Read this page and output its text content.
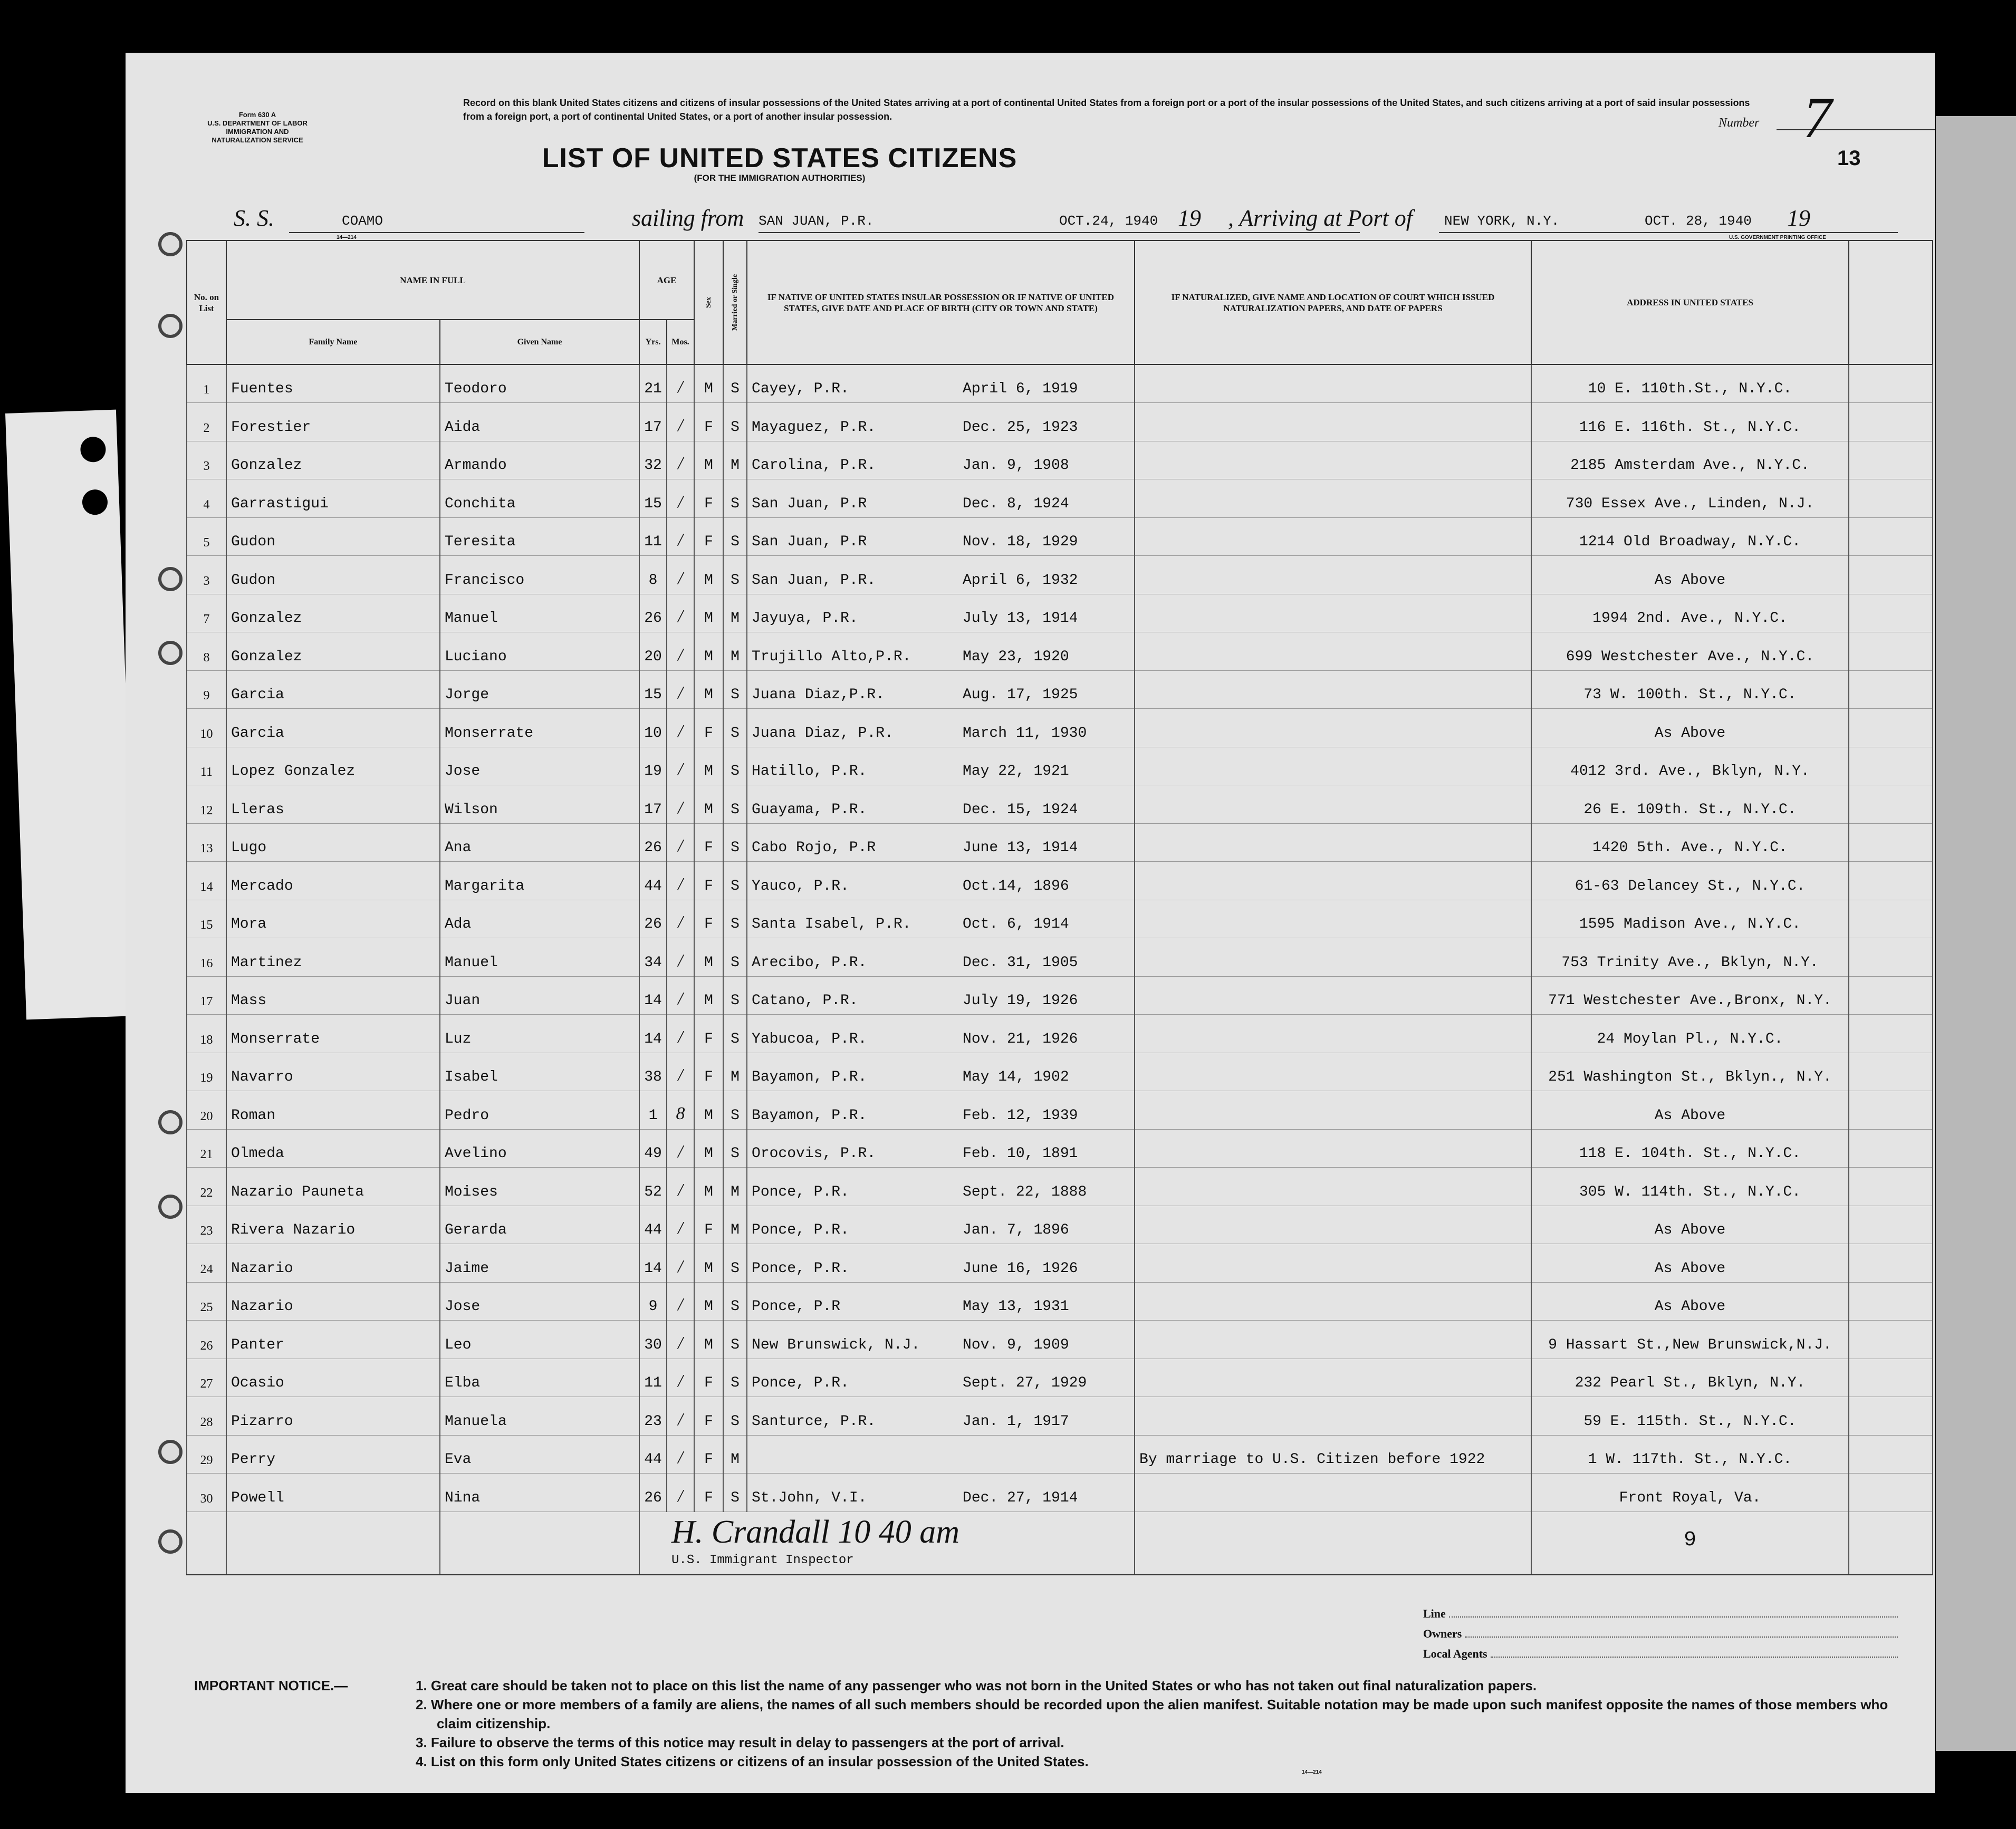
Form 630 A
U.S. DEPARTMENT OF LABOR
IMMIGRATION AND
NATURALIZATION SERVICE
Record on this blank United States citizens and citizens of insular possessions of the United States arriving at a port of continental United States from a foreign port or a port of the insular possessions of the United States, and such citizens arriving at a port of said insular possessions from a foreign port, a port of continental United States, or a port of another insular possession.	Number 7
13
LIST OF UNITED STATES CITIZENS
(FOR THE IMMIGRATION AUTHORITIES)
S. S.	COAMO	sailing from SAN JUAN, P.R.	OCT.24, 1940 19 , Arriving at Port of NEW YORK, N.Y.	OCT. 28, 1940 19
14—214	U.S. GOVERNMENT PRINTING OFFICE
No. on List	NAME IN FULL		AGE		Sex	Married or Single	IF NATIVE OF UNITED STATES INSULAR POSSESSION OR IF NATIVE OF UNITED STATES, GIVE DATE AND PLACE OF BIRTH (CITY OR TOWN AND STATE)	IF NATURALIZED, GIVE NAME AND LOCATION OF COURT WHICH ISSUED NATURALIZATION PAPERS, AND DATE OF PAPERS	ADDRESS IN UNITED STATES	
	Family Name	Given Name	Yrs.	Mos.						
1	Fuentes	Teodoro	21	/	M	S	Cayey, P.R. April 6, 1919		10 E. 110th.St., N.Y.C.	
2	Forestier	Aida	17	/	F	S	Mayaguez, P.R. Dec. 25, 1923		116 E. 116th. St., N.Y.C.	
3	Gonzalez	Armando	32	/	M	M	Carolina, P.R. Jan. 9, 1908		2185 Amsterdam Ave., N.Y.C.	
4	Garrastigui	Conchita	15	/	F	S	San Juan, P.R Dec. 8, 1924		730 Essex Ave., Linden, N.J.	
5	Gudon	Teresita	11	/	F	S	San Juan, P.R Nov. 18, 1929		1214 Old Broadway, N.Y.C.	
3	Gudon	Francisco	8	/	M	S	San Juan, P.R. April 6, 1932		As Above	
7	Gonzalez	Manuel	26	/	M	M	Jayuya, P.R. July 13, 1914		1994 2nd. Ave., N.Y.C.	
8	Gonzalez	Luciano	20	/	M	M	Trujillo Alto,P.R. May 23, 1920		699 Westchester Ave., N.Y.C.	
9	Garcia	Jorge	15	/	M	S	Juana Diaz,P.R. Aug. 17, 1925		73 W. 100th. St., N.Y.C.	
10	Garcia	Monserrate	10	/	F	S	Juana Diaz, P.R. March 11, 1930		As Above	
11	Lopez Gonzalez	Jose	19	/	M	S	Hatillo, P.R. May 22, 1921		4012 3rd. Ave., Bklyn, N.Y.	
12	Lleras	Wilson	17	/	M	S	Guayama, P.R. Dec. 15, 1924		26 E. 109th. St., N.Y.C.	
13	Lugo	Ana	26	/	F	S	Cabo Rojo, P.R June 13, 1914		1420 5th. Ave., N.Y.C.	
14	Mercado	Margarita	44	/	F	S	Yauco, P.R. Oct.14, 1896		61-63 Delancey St., N.Y.C.	
15	Mora	Ada	26	/	F	S	Santa Isabel, P.R. Oct. 6, 1914		1595 Madison Ave., N.Y.C.	
16	Martinez	Manuel	34	/	M	S	Arecibo, P.R. Dec. 31, 1905		753 Trinity Ave., Bklyn, N.Y.	
17	Mass	Juan	14	/	M	S	Catano, P.R. July 19, 1926		771 Westchester Ave.,Bronx, N.Y.	
18	Monserrate	Luz	14	/	F	S	Yabucoa, P.R. Nov. 21, 1926		24 Moylan Pl., N.Y.C.	
19	Navarro	Isabel	38	/	F	M	Bayamon, P.R. May 14, 1902		251 Washington St., Bklyn., N.Y.	
20	Roman	Pedro	1	8	M	S	Bayamon, P.R. Feb. 12, 1939		As Above	
21	Olmeda	Avelino	49	/	M	S	Orocovis, P.R. Feb. 10, 1891		118 E. 104th. St., N.Y.C.	
22	Nazario Pauneta	Moises	52	/	M	M	Ponce, P.R. Sept. 22, 1888		305 W. 114th. St., N.Y.C.	
23	Rivera Nazario	Gerarda	44	/	F	M	Ponce, P.R. Jan. 7, 1896		As Above	
24	Nazario	Jaime	14	/	M	S	Ponce, P.R. June 16, 1926		As Above	
25	Nazario	Jose	9	/	M	S	Ponce, P.R May 13, 1931		As Above	
26	Panter	Leo	30	/	M	S	New Brunswick, N.J. Nov. 9, 1909		9 Hassart St.,New Brunswick,N.J.	
27	Ocasio	Elba	11	/	F	S	Ponce, P.R. Sept. 27, 1929		232 Pearl St., Bklyn, N.Y.	
28	Pizarro	Manuela	23	/	F	S	Santurce, P.R. Jan. 1, 1917		59 E. 115th. St., N.Y.C.	
29	Perry	Eva	44	/	F	M		By marriage to U.S. Citizen before 1922	1 W. 117th. St., N.Y.C.	
30	Powell	Nina	26	/	F	S	St.John, V.I. Dec. 27, 1914		Front Royal, Va.	
			H. Crandall 10 40 am
U.S. Immigrant Inspector						9	
Line
Owners
Local Agents
IMPORTANT NOTICE.—	1. Great care should be taken not to place on this list the name of any passenger who was not born in the United States or who has not taken out final naturalization papers.
2. Where one or more members of a family are aliens, the names of all such members should be recorded upon the alien manifest. Suitable notation may be made upon such manifest opposite the names of those members who claim citizenship.
3. Failure to observe the terms of this notice may result in delay to passengers at the port of arrival.
4. List on this form only United States citizens or citizens of an insular possession of the United States.
14—214
